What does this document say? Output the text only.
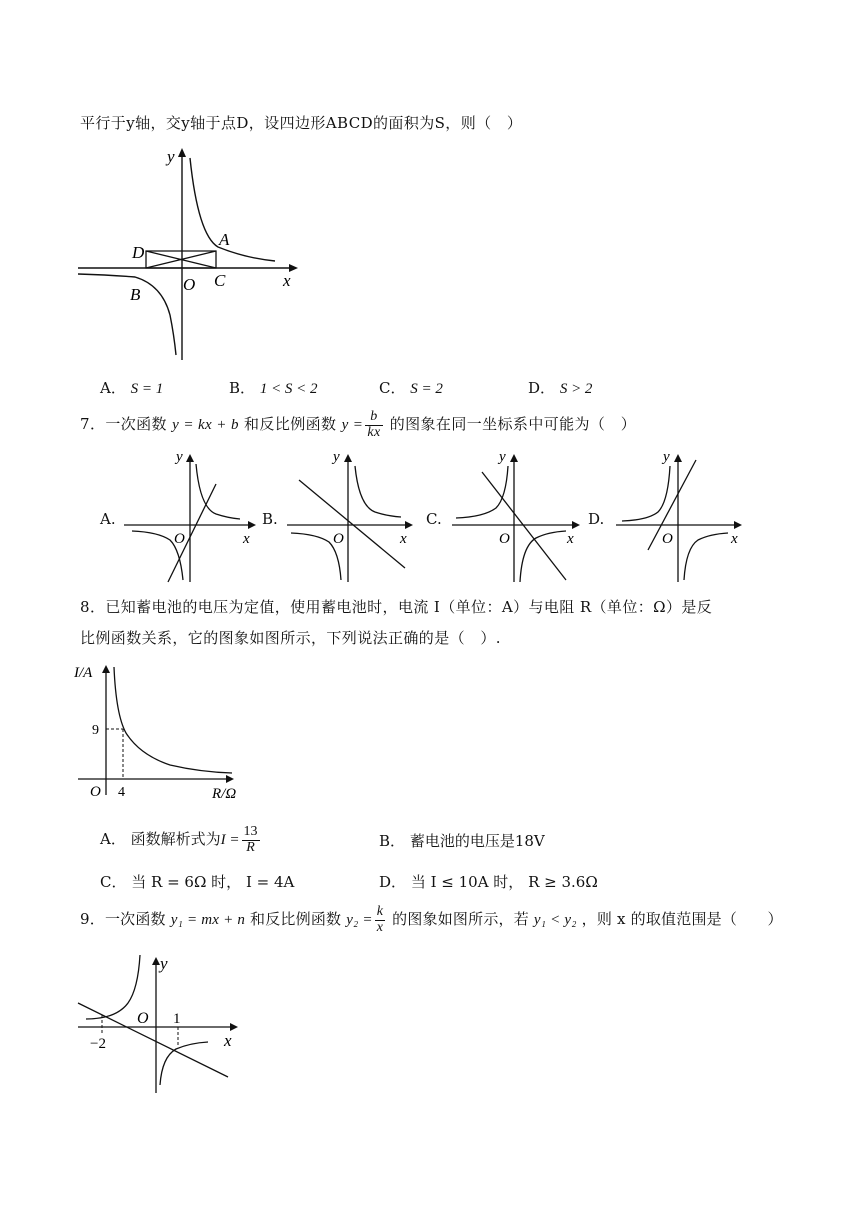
平行于y轴，交y轴于点D，设四边形ABCD的面积为S，则（　）
y
x
D
A
B
O C
A． S = 1	B． 1 < S < 2	C． S = 2	D． S > 2
7．一次函数 y = kx + b 和反比例函数 $y = \frac{b}{kx}$ 的图象在同一坐标系中可能为（　）
A.	B.	C.	D.
y
x
O
y
x
O
y
x
O
y
x
O
8．已知蓄电池的电压为定值，使用蓄电池时，电流 I（单位：A）与电阻 R（单位：Ω）是反
比例函数关系，它的图象如图所示，下列说法正确的是（　）.
I/A
R/Ω
O
9
4
A． 函数解析式为$I = \frac{13}{R}$	B． 蓄电池的电压是18V
C． 当 R = 6Ω 时， I = 4A	D． 当 I ≤ 10A 时， R ≥ 3.6Ω
9．一次函数 y₁ = mx + n 和反比例函数 $y_2 = \frac{k}{x}$ 的图象如图所示，若 y₁ < y₂ ，则 x 的取值范围是（　　）
y
x
O
−2
1
